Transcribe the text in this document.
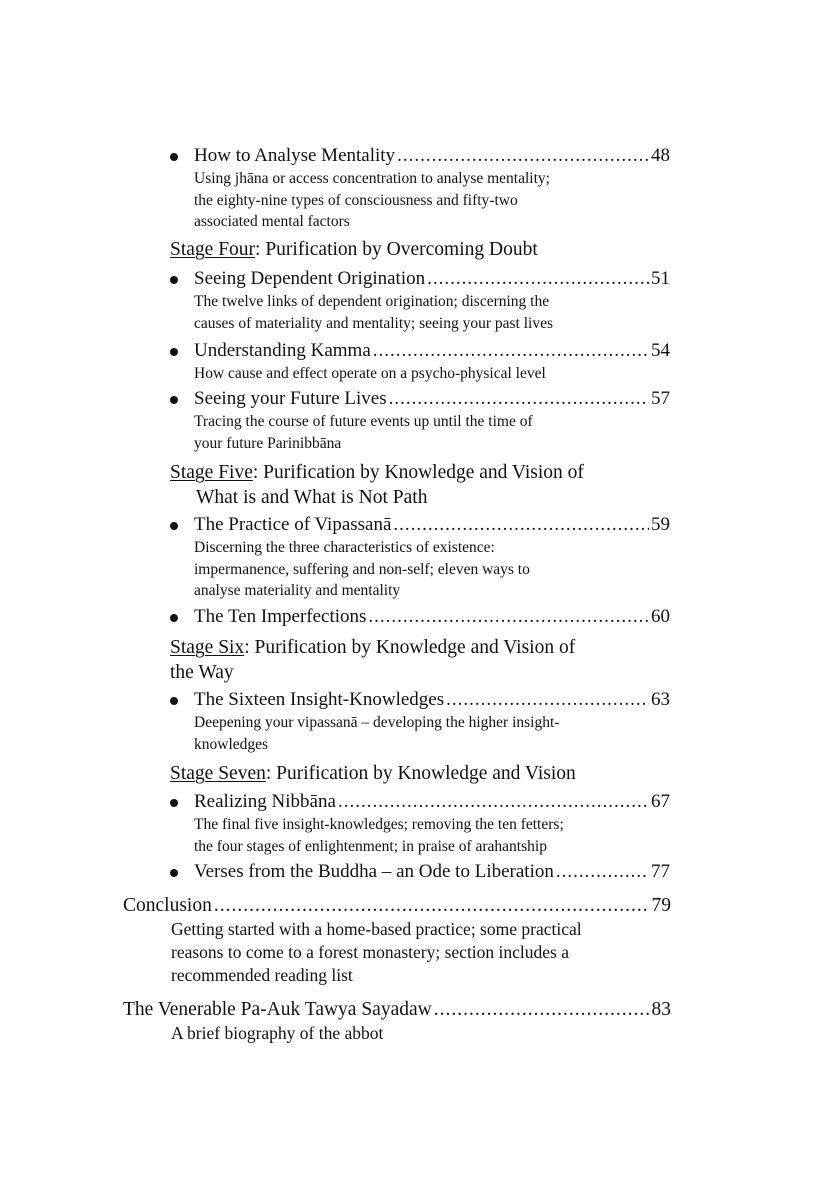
How to Analyse Mentality .....	48
Using jhāna or access concentration to analyse mentality;
the eighty-nine types of consciousness and fifty-two
associated mental factors
Stage Four: Purification by Overcoming Doubt
Seeing Dependent Origination .....	51
The twelve links of dependent origination; discerning the
causes of materiality and mentality; seeing your past lives
Understanding Kamma .....	54
How cause and effect operate on a psycho-physical level
Seeing your Future Lives .....	57
Tracing the course of future events up until the time of
your future Parinibbāna
Stage Five: Purification by Knowledge and Vision of
What is and What is Not Path
The Practice of Vipassanā .....	59
Discerning the three characteristics of existence:
impermanence, suffering and non-self; eleven ways to
analyse materiality and mentality
The Ten Imperfections .....	60
Stage Six: Purification by Knowledge and Vision of
the Way
The Sixteen Insight-Knowledges .....	63
Deepening your vipassanā – developing the higher insight-
knowledges
Stage Seven: Purification by Knowledge and Vision
Realizing Nibbāna .....	67
The final five insight-knowledges; removing the ten fetters;
the four stages of enlightenment; in praise of arahantship
Verses from the Buddha – an Ode to Liberation .....	77
Conclusion .....	79
Getting started with a home-based practice; some practical
reasons to come to a forest monastery; section includes a
recommended reading list
The Venerable Pa-Auk Tawya Sayadaw .....	83
A brief biography of the abbot
